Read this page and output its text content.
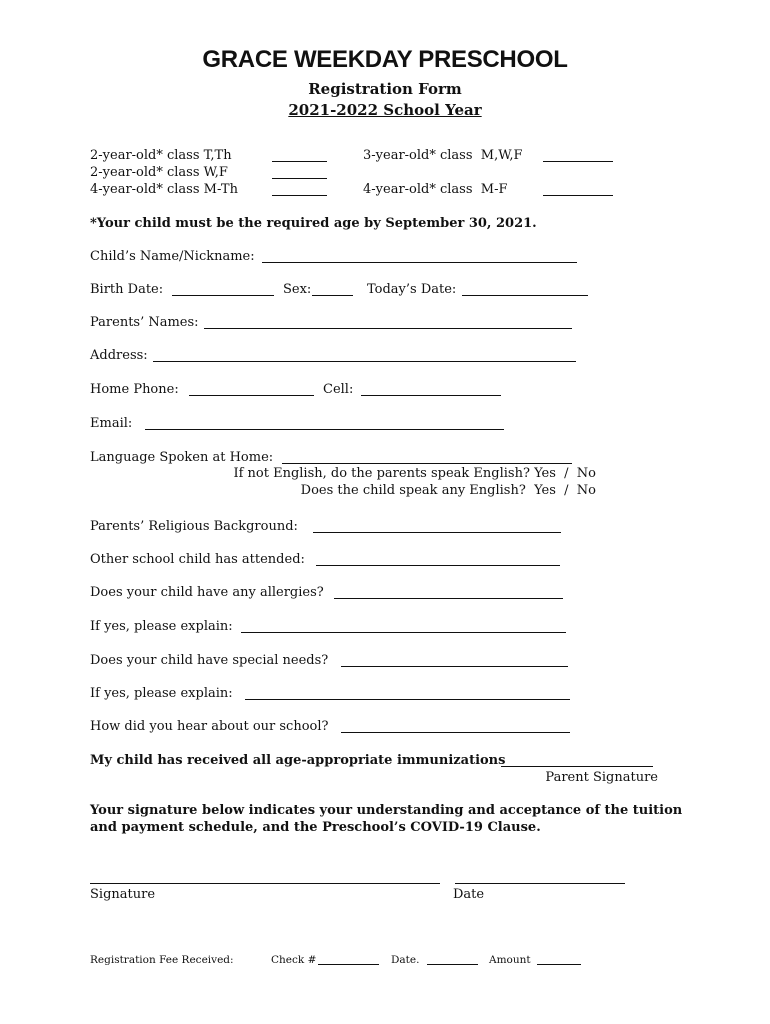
GRACE WEEKDAY PRESCHOOL
Registration Form
2021-2022 School Year
2-year-old* class T,Th
2-year-old* class W,F
4-year-old* class M-Th
3-year-old* class  M,W,F
4-year-old* class  M-F
*Your child must be the required age by September 30, 2021.
Child’s Name/Nickname:
Birth Date:	Sex:	Today’s Date:
Parents’ Names:
Address:
Home Phone:	Cell:
Email:
Language Spoken at Home:
If not English, do the parents speak English? Yes  /  No
Does the child speak any English?  Yes  /  No
Parents’ Religious Background:
Other school child has attended:
Does your child have any allergies?
If yes, please explain:
Does your child have special needs?
If yes, please explain:
How did you hear about our school?
My child has received all age-appropriate immunizations
Parent Signature
Your signature below indicates your understanding and acceptance of the tuition
and payment schedule, and the Preschool’s COVID-19 Clause.
Signature	Date
Registration Fee Received:	Check #	Date.	Amount
